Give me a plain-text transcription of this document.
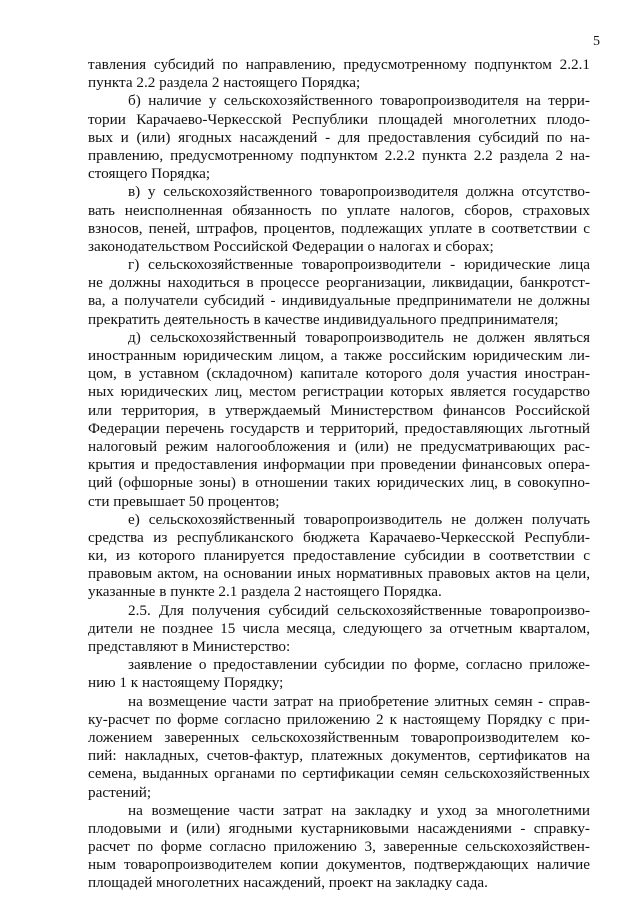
5
тавления субсидий по направлению, предусмотренному подпунктом 2.2.1
пункта 2.2 раздела 2 настоящего Порядка;
б) наличие у сельскохозяйственного товаропроизводителя на терри-
тории Карачаево-Черкесской Республики площадей многолетних плодо-
вых и (или) ягодных насаждений - для предоставления субсидий по на-
правлению, предусмотренному подпунктом 2.2.2 пункта 2.2 раздела 2 на-
стоящего Порядка;
в) у сельскохозяйственного товаропроизводителя должна отсутство-
вать неисполненная обязанность по уплате налогов, сборов, страховых
взносов, пеней, штрафов, процентов, подлежащих уплате в соответствии с
законодательством Российской Федерации о налогах и сборах;
г) сельскохозяйственные товаропроизводители - юридические лица
не должны находиться в процессе реорганизации, ликвидации, банкротст-
ва, а получатели субсидий - индивидуальные предприниматели не должны
прекратить деятельность в качестве индивидуального предпринимателя;
д) сельскохозяйственный товаропроизводитель не должен являться
иностранным юридическим лицом, а также российским юридическим ли-
цом, в уставном (складочном) капитале которого доля участия иностран-
ных юридических лиц, местом регистрации которых является государство
или территория, в утверждаемый Министерством финансов Российской
Федерации перечень государств и территорий, предоставляющих льготный
налоговый режим налогообложения и (или) не предусматривающих рас-
крытия и предоставления информации при проведении финансовых опера-
ций (офшорные зоны) в отношении таких юридических лиц, в совокупно-
сти превышает 50 процентов;
е) сельскохозяйственный товаропроизводитель не должен получать
средства из республиканского бюджета Карачаево-Черкесской Республи-
ки, из которого планируется предоставление субсидии в соответствии с
правовым актом, на основании иных нормативных правовых актов на цели,
указанные в пункте 2.1 раздела 2 настоящего Порядка.
2.5. Для получения субсидий сельскохозяйственные товаропроизво-
дители не позднее 15 числа месяца, следующего за отчетным кварталом,
представляют в Министерство:
заявление о предоставлении субсидии по форме, согласно приложе-
нию 1 к настоящему Порядку;
на возмещение части затрат на приобретение элитных семян - справ-
ку-расчет по форме согласно приложению 2 к настоящему Порядку с при-
ложением заверенных сельскохозяйственным товаропроизводителем ко-
пий: накладных, счетов-фактур, платежных документов, сертификатов на
семена, выданных органами по сертификации семян сельскохозяйственных
растений;
на возмещение части затрат на закладку и уход за многолетними
плодовыми и (или) ягодными кустарниковыми насаждениями - справку-
расчет по форме согласно приложению 3, заверенные сельскохозяйствен-
ным товаропроизводителем копии документов, подтверждающих наличие
площадей многолетних насаждений, проект на закладку сада.
